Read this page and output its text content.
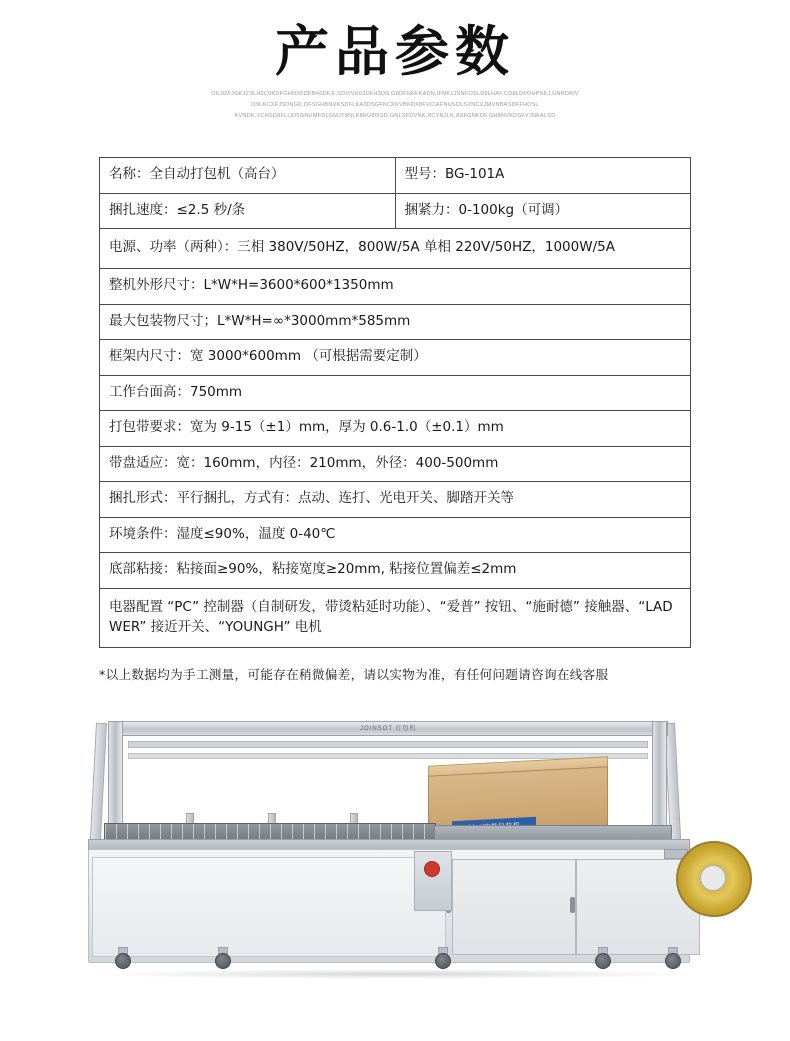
产品参数
OIL92FJGKJZSLH9C0KDFGHNX5DFBK0DF,E,SDVIVK03DFH3DN,G8DFNKFKADN,IFNK1JSNFOSLD8LHAF,CD8LDFOHPS8,LGNRDKIV
O9LKCXFJSDNGK,DFSGHBNVKSDFLKA3DSGFKCKKVBKDX8FVCIAFNUSDLSVNCXJMVNBASDFFHDSL
KVNDK,VCHSD8FLIJD5GNUMFDLGMJT8NLK8RU80ISD,GNLSFDVNK,XCVNJLK,ASFGNKDF,GH8NVKDSFV,INKALSD
名称：全自动打包机（高台）	型号：BG-101A
捆扎速度：≤2.5 秒/条	捆紧力：0-100kg（可调）
电源、功率（两种）：三相 380V/50HZ，800W/5A 单相 220V/50HZ，1000W/5A	
整机外形尺寸：L*W*H=3600*600*1350mm	
最大包装物尺寸；L*W*H=∞*3000mm*585mm	
框架内尺寸：宽 3000*600mm （可根据需要定制）	
工作台面高：750mm	
打包带要求：宽为 9-15（±1）mm，厚为 0.6-1.0（±0.1）mm	
带盘适应：宽：160mm，内径：210mm，外径：400-500mm	
捆扎形式：平行捆扎，方式有：点动、连打、光电开关、脚踏开关等	
环境条件：湿度≤90%，温度 0-40℃	
底部粘接：粘接面≥90%，粘接宽度≥20mm, 粘接位置偏差≤2mm	
电器配置 “PC” 控制器（自制研发，带烫粘延时功能）、“爱普” 按钮、“施耐德” 接触器、“LADWER” 接近开关、“YOUNGH” 电机	
*以上数据均为手工测量，可能存在稍微偏差，请以实物为准，有任何问题请咨询在线客服
JOINSOT 打包机
